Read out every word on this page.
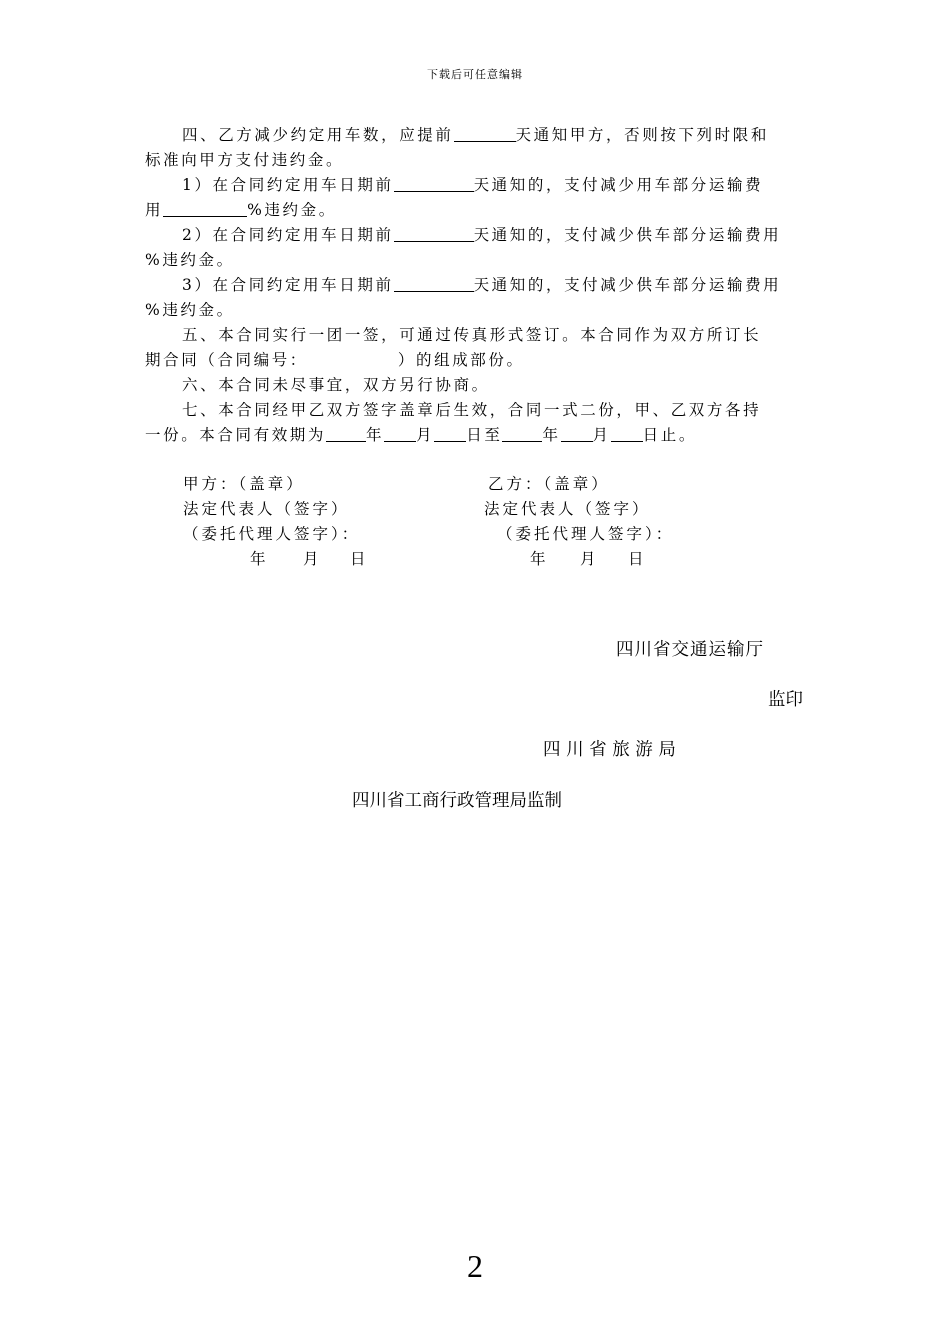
下载后可任意编辑
四、乙方减少约定用车数，应提前	天通知甲方，否则按下列时限和
标准向甲方支付违约金。
1）在合同约定用车日期前	天通知的，支付减少用车部分运输费
用	%违约金。
2）在合同约定用车日期前	天通知的，支付减少供车部分运输费用
%违约金。
3）在合同约定用车日期前	天通知的，支付减少供车部分运输费用
%违约金。
五、本合同实行一团一签，可通过传真形式签订。本合同作为双方所订长
期合同（合同编号：	）的组成部份。
六、本合同未尽事宜，双方另行协商。
七、本合同经甲乙双方签字盖章后生效，合同一式二份，甲、乙双方各持
一份。本合同有效期为	年 月 日至	年 月 日止。
甲方：（盖章）
法定代表人（签字）
（委托代理人签字）：
年 月 日
乙方：（盖章）
法定代表人（签字）
（委托代理人签字）：
年 月 日
四川省交通运输厅
监印
四 川 省 旅 游 局
四川省工商行政管理局监制
2
